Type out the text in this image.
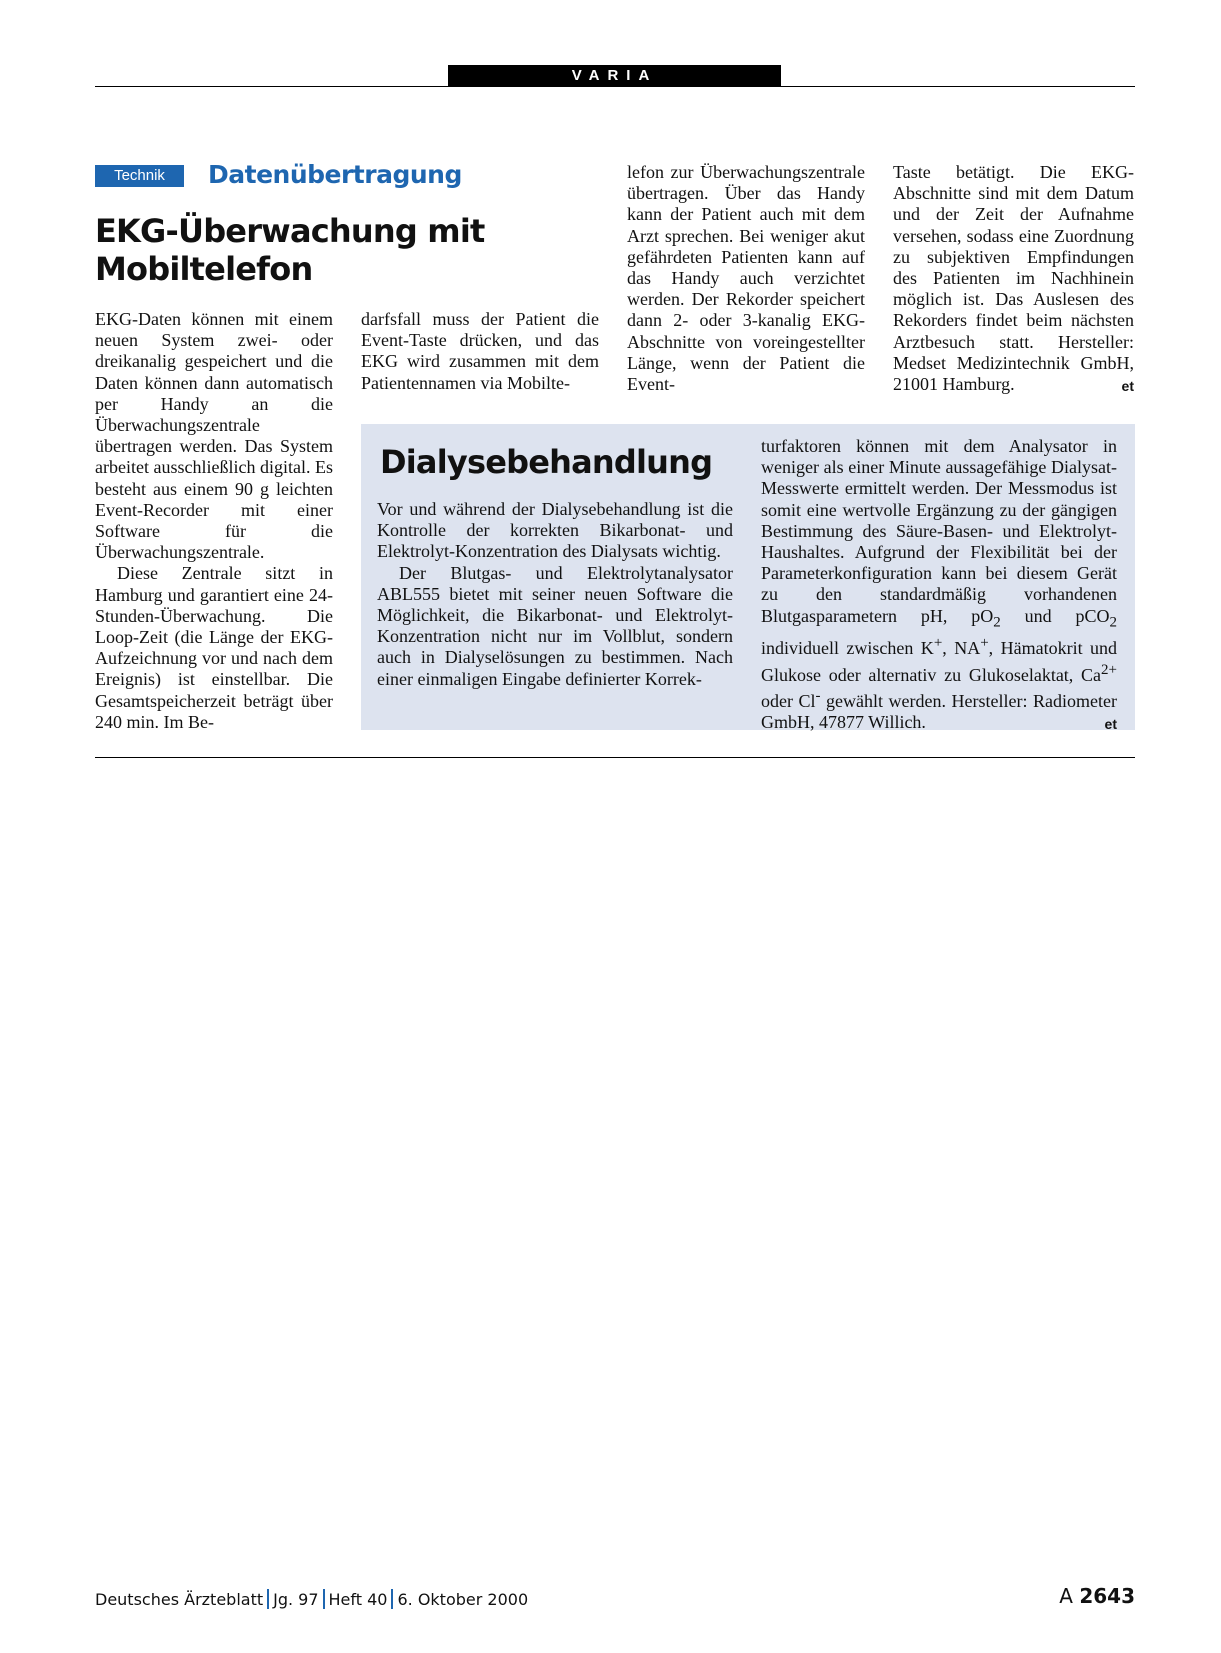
VARIA
Technik	Datenübertragung
EKG-Überwachung mit
Mobiltelefon

EKG-Daten können mit einem neuen System zwei- oder dreikanalig gespeichert und die Daten können dann automatisch per Handy an die Überwachungszentrale übertragen werden. Das System arbeitet ausschließlich digital. Es besteht aus einem 90 g leichten Event-Recorder mit einer Software für die Überwachungszentrale.

Diese Zentrale sitzt in Hamburg und garantiert eine 24-Stunden-Überwachung. Die Loop-Zeit (die Länge der EKG-Aufzeichnung vor und nach dem Ereignis) ist einstellbar. Die Gesamtspeicherzeit beträgt über 240 min. Im Be-

darfsfall muss der Patient die Event-Taste drücken, und das EKG wird zusammen mit dem Patientennamen via Mobilte-

lefon zur Überwachungszentrale übertragen. Über das Handy kann der Patient auch mit dem Arzt sprechen. Bei weniger akut gefährdeten Patienten kann auf das Handy auch verzichtet werden. Der Rekorder speichert dann 2- oder 3-kanalig EKG-Abschnitte von voreingestellter Länge, wenn der Patient die Event-

Taste betätigt. Die EKG-Abschnitte sind mit dem Datum und der Zeit der Aufnahme versehen, sodass eine Zuordnung zu subjektiven Empfindungen des Patienten im Nachhinein möglich ist. Das Auslesen des Rekorders findet beim nächsten Arztbesuch statt. Hersteller: Medset Medizintechnik GmbH, 21001 Hamburg.	et

Dialysebehandlung

Vor und während der Dialysebehandlung ist die Kontrolle der korrekten Bikarbonat- und Elektrolyt-Konzentration des Dialysats wichtig.

Der Blutgas- und Elektrolytanalysator ABL555 bietet mit seiner neuen Software die Möglichkeit, die Bikarbonat- und Elektrolyt-Konzentration nicht nur im Vollblut, sondern auch in Dialyselösungen zu bestimmen. Nach einer einmaligen Eingabe definierter Korrek-

turfaktoren können mit dem Analysator in weniger als einer Minute aussagefähige Dialysat-Messwerte ermittelt werden. Der Messmodus ist somit eine wertvolle Ergänzung zu der gängigen Bestimmung des Säure-Basen- und Elektrolyt-Haushaltes. Aufgrund der Flexibilität bei der Parameterkonfiguration kann bei diesem Gerät zu den standardmäßig vorhandenen Blutgasparametern pH, $pO_2$ und pCO$_2$ individuell zwischen K+, NA+, Hämatokrit und Glukose oder alternativ zu Glukoselaktat, $Ca^{2+}$ oder Cl- gewählt werden. Hersteller: Radiometer GmbH, 47877 Willich.	et

Deutsches Ärzteblatt Jg. 97 Heft 40 6. Oktober 2000	A 2643
